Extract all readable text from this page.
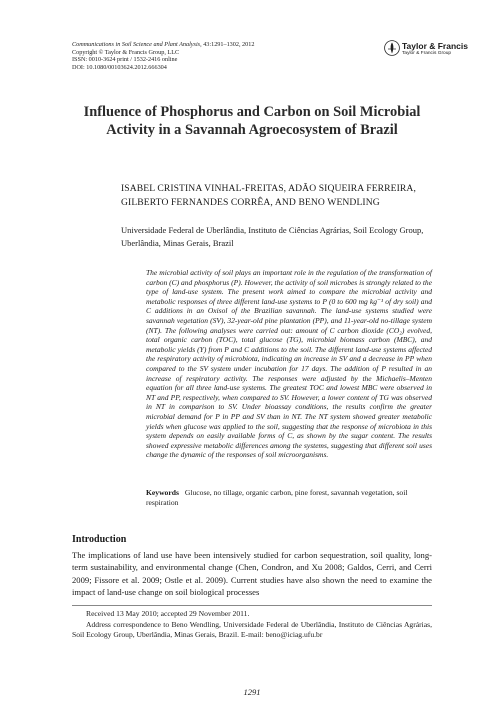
Communications in Soil Science and Plant Analysis, 43:1291–1302, 2012
Copyright © Taylor & Francis Group, LLC
ISSN: 0010-3624 print / 1532-2416 online
DOI: 10.1080/00103624.2012.666304
Taylor & Francis
Taylor & Francis Group
Influence of Phosphorus and Carbon on Soil Microbial Activity in a Savannah Agroecosystem of Brazil
ISABEL CRISTINA VINHAL-FREITAS, ADÃO SIQUEIRA FERREIRA, GILBERTO FERNANDES CORRÊA, AND BENO WENDLING
Universidade Federal de Uberlândia, Instituto de Ciências Agrárias, Soil Ecology Group, Uberlândia, Minas Gerais, Brazil
The microbial activity of soil plays an important role in the regulation of the transformation of carbon (C) and phosphorus (P). However, the activity of soil microbes is strongly related to the type of land-use system. The present work aimed to compare the microbial activity and metabolic responses of three different land-use systems to P (0 to 600 mg kg⁻¹ of dry soil) and C additions in an Oxisol of the Brazilian savannah. The land-use systems studied were savannah vegetation (SV), 32-year-old pine plantation (PP), and 11-year-old no-tillage system (NT). The following analyses were carried out: amount of C carbon dioxide (CO₂) evolved, total organic carbon (TOC), total glucose (TG), microbial biomass carbon (MBC), and metabolic yields (Y) from P and C additions to the soil. The different land-use systems affected the respiratory activity of microbiota, indicating an increase in SV and a decrease in PP when compared to the SV system under incubation for 17 days. The addition of P resulted in an increase of respiratory activity. The responses were adjusted by the Michaelis–Menten equation for all three land-use systems. The greatest TOC and lowest MBC were observed in NT and PP, respectively, when compared to SV. However, a lower content of TG was observed in NT in comparison to SV. Under bioassay conditions, the results confirm the greater microbial demand for P in PP and SV than in NT. The NT system showed greater metabolic yields when glucose was applied to the soil, suggesting that the response of microbiota in this system depends on easily available forms of C, as shown by the sugar content. The results showed expressive metabolic differences among the systems, suggesting that different soil uses change the dynamic of the responses of soil microorganisms.
Keywords Glucose, no tillage, organic carbon, pine forest, savannah vegetation, soil respiration
Introduction
The implications of land use have been intensively studied for carbon sequestration, soil quality, long-term sustainability, and environmental change (Chen, Condron, and Xu 2008; Galdos, Cerri, and Cerri 2009; Fissore et al. 2009; Ostle et al. 2009). Current studies have also shown the need to examine the impact of land-use change on soil biological processes

Received 13 May 2010; accepted 29 November 2011.

Address correspondence to Beno Wendling, Universidade Federal de Uberlândia, Instituto de Ciências Agrárias, Soil Ecology Group, Uberlândia, Minas Gerais, Brazil. E-mail: beno@iciag.ufu.br

1291
